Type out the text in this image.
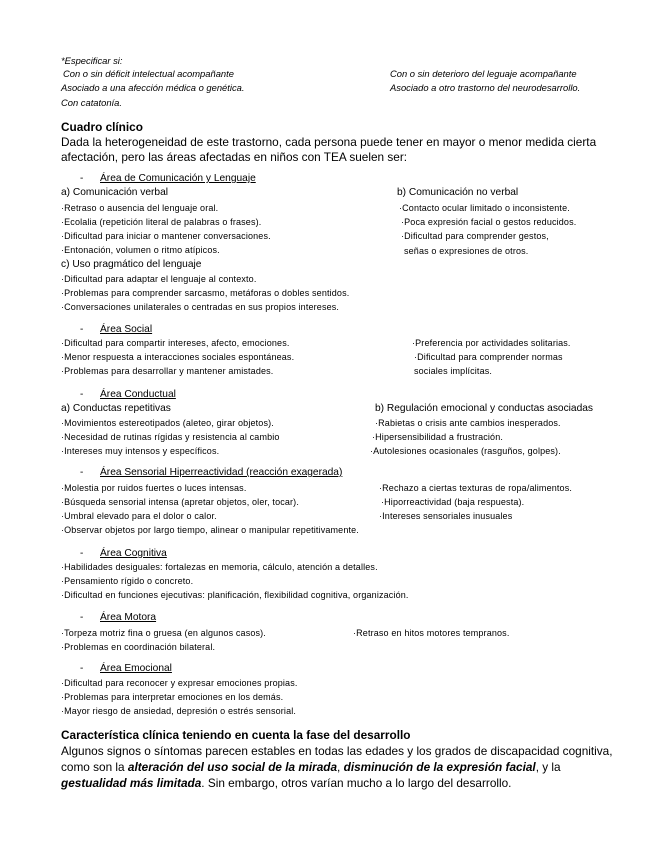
*Especificar si:
Con o sin déficit intelectual acompañante
Asociado a una afección médica o genética.
Con catatonía.
Con o sin deterioro del leguaje acompañante
Asociado a otro trastorno del neurodesarrollo.
Cuadro clínico
Dada la heterogeneidad de este trastorno, cada persona puede tener en mayor o menor medida cierta
afectación, pero las áreas afectadas en niños con TEA suelen ser:
- Área de Comunicación y Lenguaje
a) Comunicación verbal
·Retraso o ausencia del lenguaje oral.
·Ecolalia (repetición literal de palabras o frases).
·Dificultad para iniciar o mantener conversaciones.
·Entonación, volumen o ritmo atípicos.
b) Comunicación no verbal
·Contacto ocular limitado o inconsistente.
·Poca expresión facial o gestos reducidos.
·Dificultad para comprender gestos,
señas o expresiones de otros.
c) Uso pragmático del lenguaje
·Dificultad para adaptar el lenguaje al contexto.
·Problemas para comprender sarcasmo, metáforas o dobles sentidos.
·Conversaciones unilaterales o centradas en sus propios intereses.
- Área Social
·Dificultad para compartir intereses, afecto, emociones.
·Menor respuesta a interacciones sociales espontáneas.
·Problemas para desarrollar y mantener amistades.
·Preferencia por actividades solitarias.
·Dificultad para comprender normas
sociales implícitas.
- Área Conductual
a) Conductas repetitivas
·Movimientos estereotipados (aleteo, girar objetos).
·Necesidad de rutinas rígidas y resistencia al cambio
·Intereses muy intensos y específicos.
b) Regulación emocional y conductas asociadas
·Rabietas o crisis ante cambios inesperados.
·Hipersensibilidad a frustración.
·Autolesiones ocasionales (rasguños, golpes).
- Área Sensorial Hiperreactividad (reacción exagerada)
·Molestia por ruidos fuertes o luces intensas.
·Búsqueda sensorial intensa (apretar objetos, oler, tocar).
·Umbral elevado para el dolor o calor.
·Observar objetos por largo tiempo, alinear o manipular repetitivamente.
·Rechazo a ciertas texturas de ropa/alimentos.
·Hiporreactividad (baja respuesta).
·Intereses sensoriales inusuales
- Área Cognitiva
·Habilidades desiguales: fortalezas en memoria, cálculo, atención a detalles.
·Pensamiento rígido o concreto.
·Dificultad en funciones ejecutivas: planificación, flexibilidad cognitiva, organización.
- Área Motora
·Torpeza motriz fina o gruesa (en algunos casos).
·Problemas en coordinación bilateral.
·Retraso en hitos motores tempranos.
- Área Emocional
·Dificultad para reconocer y expresar emociones propias.
·Problemas para interpretar emociones en los demás.
·Mayor riesgo de ansiedad, depresión o estrés sensorial.
Característica clínica teniendo en cuenta la fase del desarrollo
Algunos signos o síntomas parecen estables en todas las edades y los grados de discapacidad cognitiva,
como son la alteración del uso social de la mirada, disminución de la expresión facial, y la
gestualidad más limitada. Sin embargo, otros varían mucho a lo largo del desarrollo.
